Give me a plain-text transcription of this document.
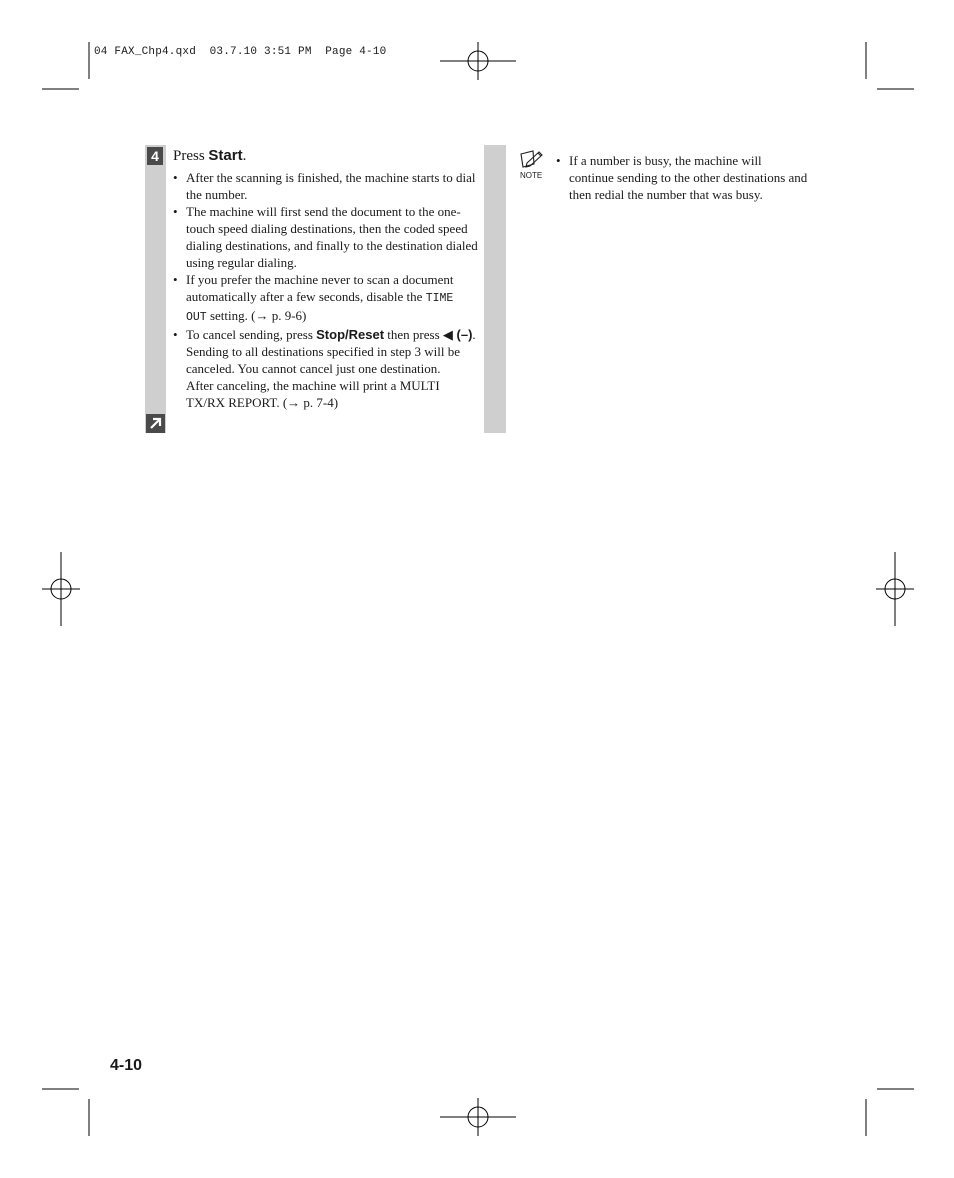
04 FAX_Chp4.qxd  03.7.10 3:51 PM  Page 4-10
4 Press Start.
• After the scanning is finished, the machine starts to dial the number.
• The machine will first send the document to the one-touch speed dialing destinations, then the coded speed dialing destinations, and finally to the destination dialed using regular dialing.
• If you prefer the machine never to scan a document automatically after a few seconds, disable the TIME OUT setting. (→ p. 9-6)
• To cancel sending, press Stop/Reset then press ◀ (–). Sending to all destinations specified in step 3 will be canceled. You cannot cancel just one destination.
After canceling, the machine will print a MULTI TX/RX REPORT. (→ p. 7-4)
NOTE
• If a number is busy, the machine will continue sending to the other destinations and then redial the number that was busy.
4-10
